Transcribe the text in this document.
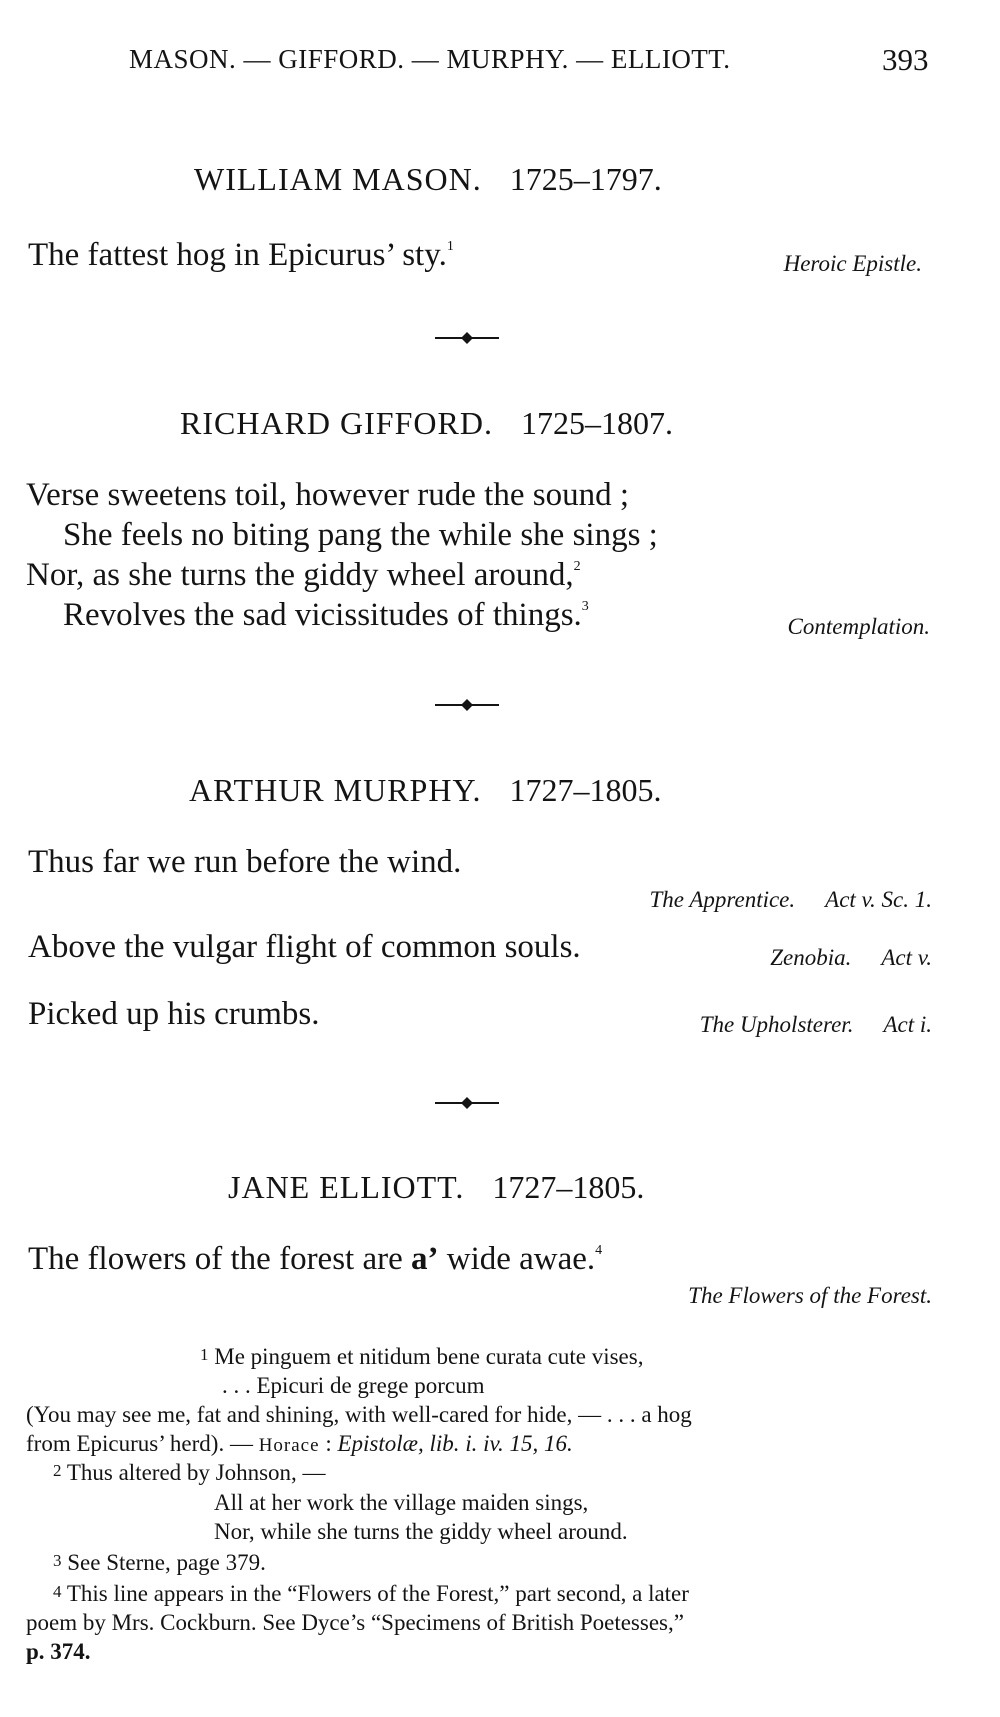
MASON. — GIFFORD. — MURPHY. — ELLIOTT.	393
WILLIAM MASON. 1725–1797.
The fattest hog in Epicurus’ sty.$^1$
Heroic Epistle.
RICHARD GIFFORD. 1725–1807.
Verse sweetens toil, however rude the sound ;
She feels no biting pang the while she sings ;
Nor, as she turns the giddy wheel around,$^2$
Revolves the sad vicissitudes of things.$^3$
Contemplation.
ARTHUR MURPHY. 1727–1805.
Thus far we run before the wind.
The Apprentice. Act v. Sc. 1.
Above the vulgar flight of common souls.	Zenobia. Act v.
Picked up his crumbs.	The Upholsterer. Act i.
JANE ELLIOTT. 1727–1805.
The flowers of the forest are a’ wide awae.$^4$
The Flowers of the Forest.
1 Me pinguem et nitidum bene curata cute vises,
. . . Epicuri de grege porcum
(You may see me, fat and shining, with well-cared for hide, — . . . a hog
from Epicurus’ herd). — Horace : Epistolæ, lib. i. iv. 15, 16.
2 Thus altered by Johnson, —
All at her work the village maiden sings,
Nor, while she turns the giddy wheel around.
3 See Sterne, page 379.
4 This line appears in the “Flowers of the Forest,” part second, a later
poem by Mrs. Cockburn. See Dyce’s “Specimens of British Poetesses,”
p. 374.
